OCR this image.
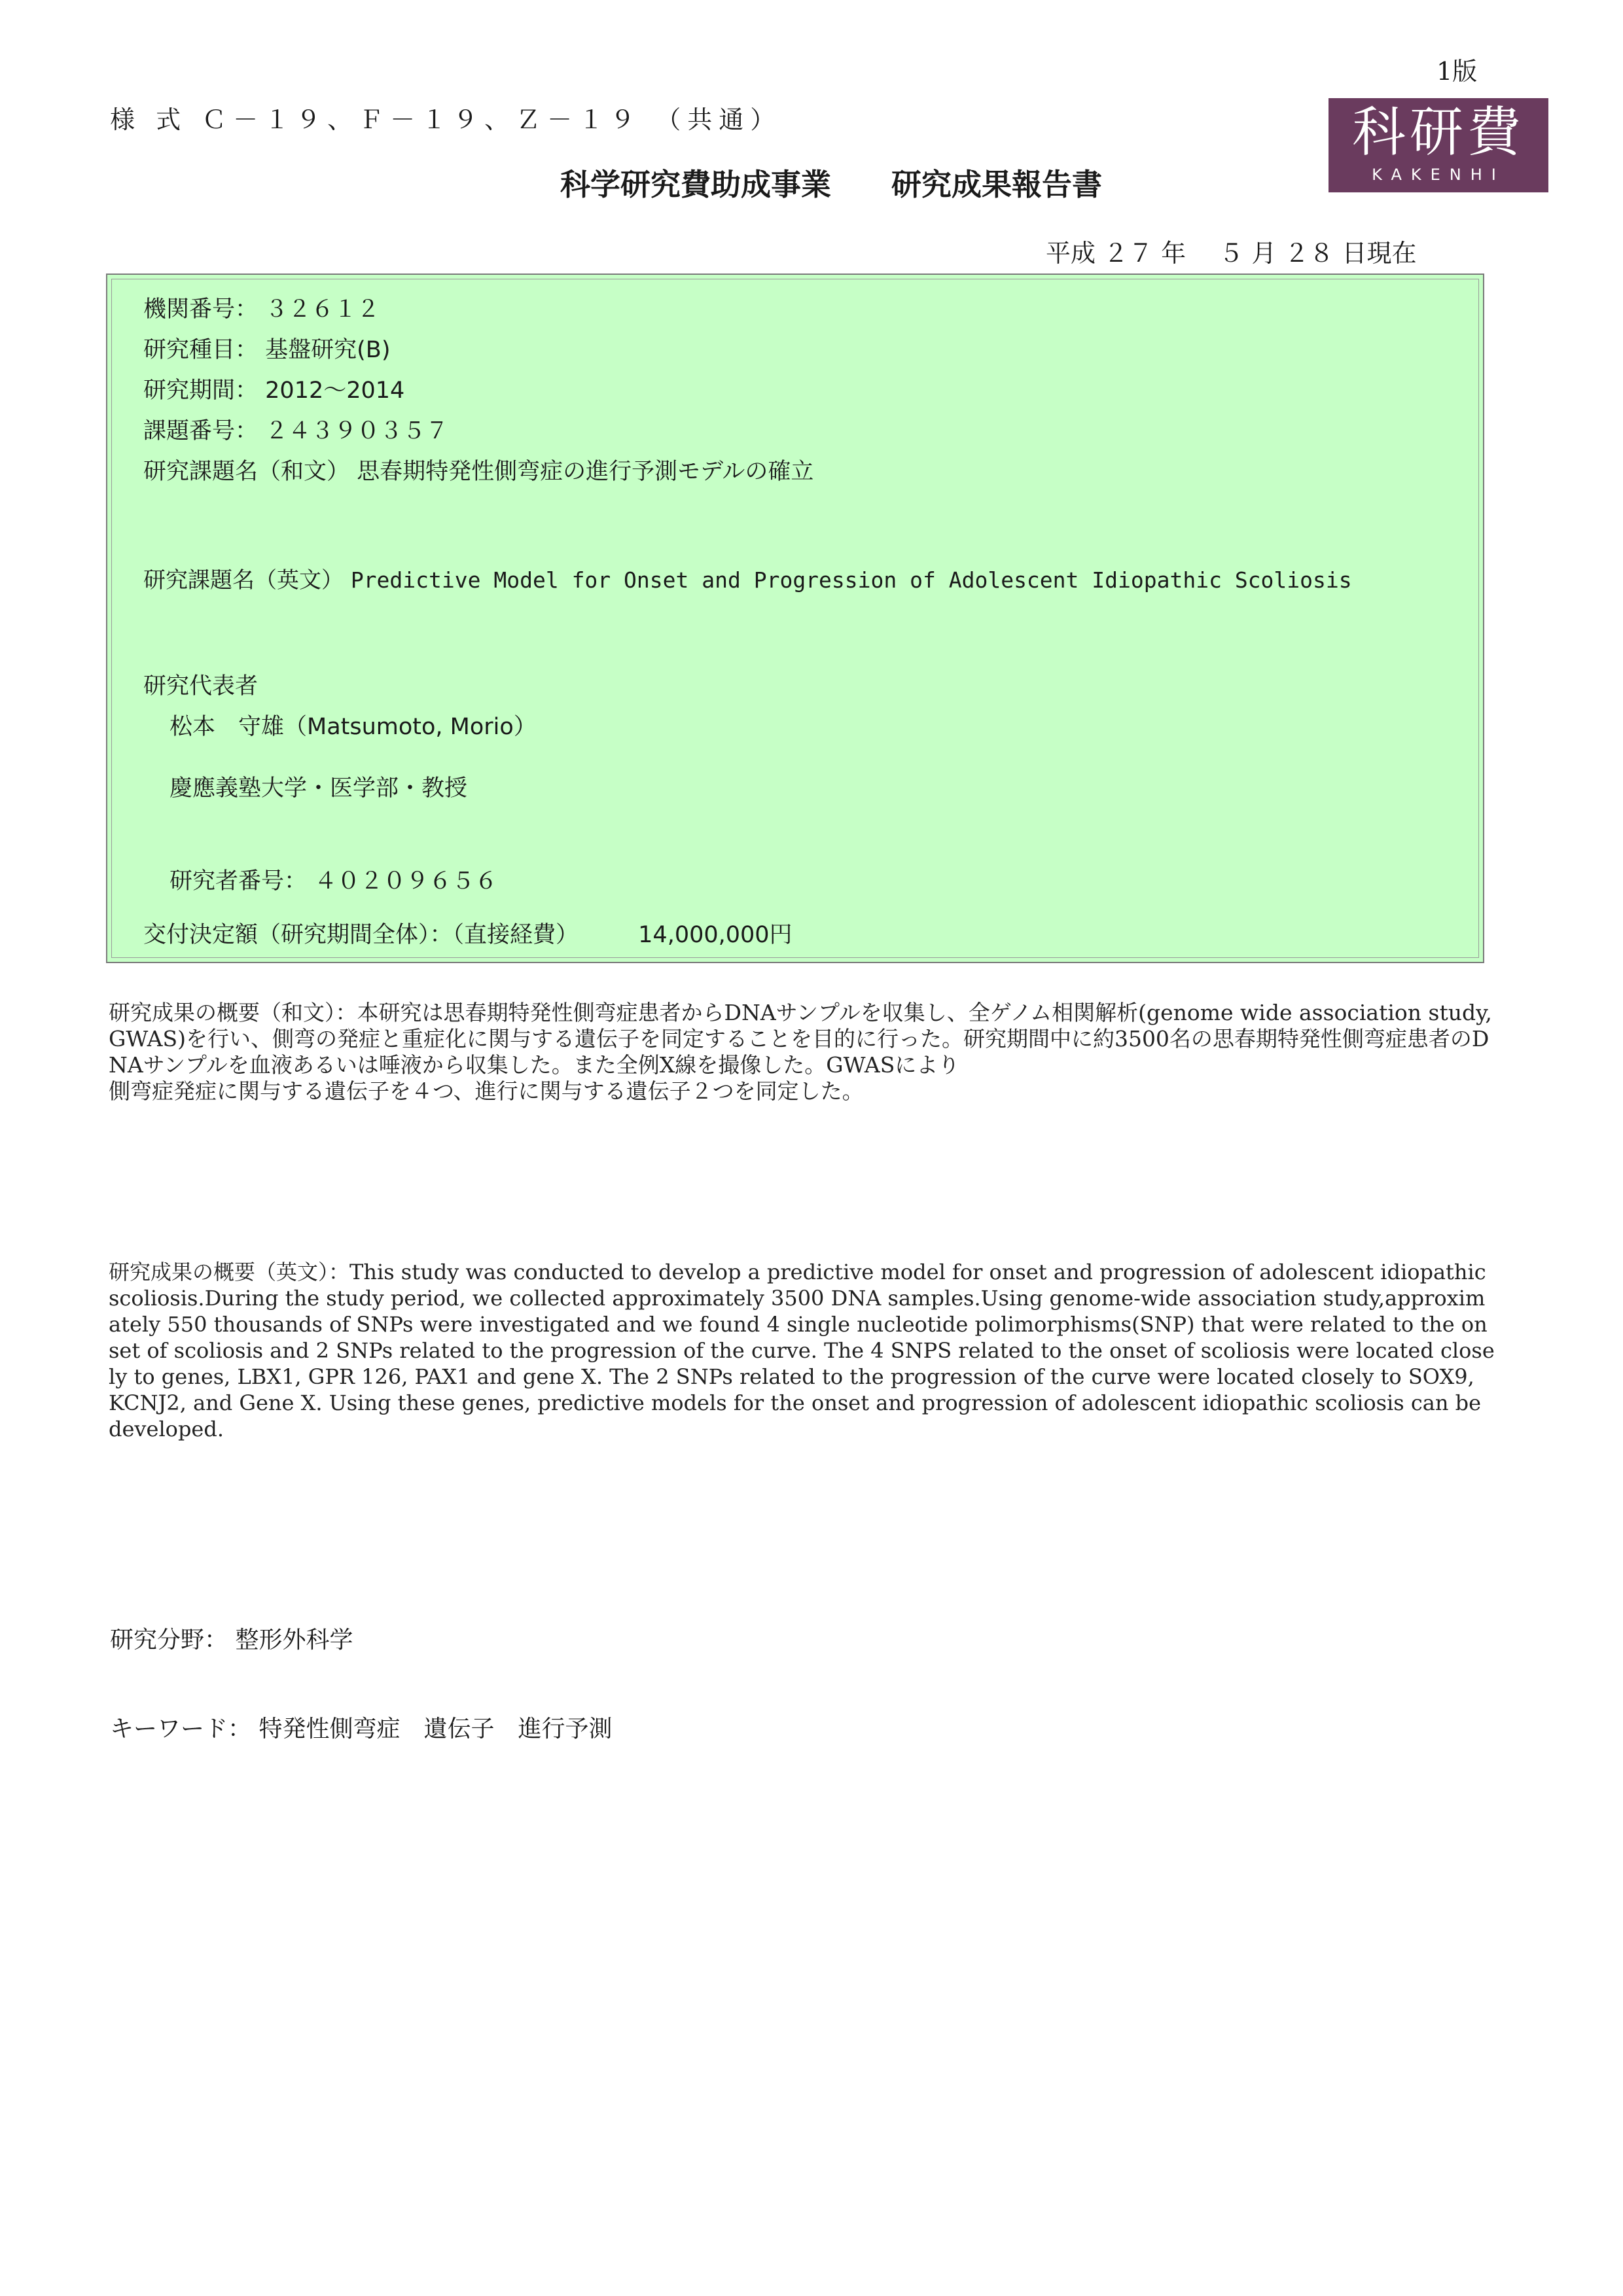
1版
様 式 Ｃ－１９、Ｆ－１９、Ｚ－１９ （共通）	科研費
KAKENHI
科学研究費助成事業　　研究成果報告書
平成 ２７ 年　 ５ 月 ２８ 日現在
機関番号： ３２６１２
研究種目： 基盤研究(B)
研究期間： 2012～2014
課題番号： ２４３９０３５７
研究課題名（和文） 思春期特発性側弯症の進行予測モデルの確立
研究課題名（英文） Predictive Model for Onset and Progression of Adolescent Idiopathic Scoliosis
研究代表者
松本　守雄（Matsumoto, Morio）
慶應義塾大学・医学部・教授
研究者番号： ４０２０９６５６
交付決定額（研究期間全体）：（直接経費）	14,000,000円

研究成果の概要（和文）：本研究は思春期特発性側弯症患者からDNAサンプルを収集し、全ゲノム相関解析(genome wide association study, GWAS)を行い、側弯の発症と重症化に関与する遺伝子を同定することを目的に行った。研究期間中に約3500名の思春期特発性側弯症患者のDNAサンプルを血液あるいは唾液から収集した。また全例X線を撮像した。GWASにより
側弯症発症に関与する遺伝子を４つ、進行に関与する遺伝子２つを同定した。

研究成果の概要（英文）：This study was conducted to develop a predictive model for onset and progression of adolescent idiopathic scoliosis.During the study period, we collected approximately 3500 DNA samples.Using genome-wide association study,approximately 550 thousands of SNPs were investigated and we found 4 single nucleotide polimorphisms(SNP) that were related to the onset of scoliosis and 2 SNPs related to the progression of the curve. The 4 SNPS related to the onset of scoliosis were located closely to genes, LBX1, GPR 126, PAX1 and gene X. The 2 SNPs related to the progression of the curve were located closely to SOX9, KCNJ2, and Gene X. Using these genes, predictive models for the onset and progression of adolescent idiopathic scoliosis can be developed.

研究分野： 整形外科学
キーワード： 特発性側弯症　遺伝子　進行予測
